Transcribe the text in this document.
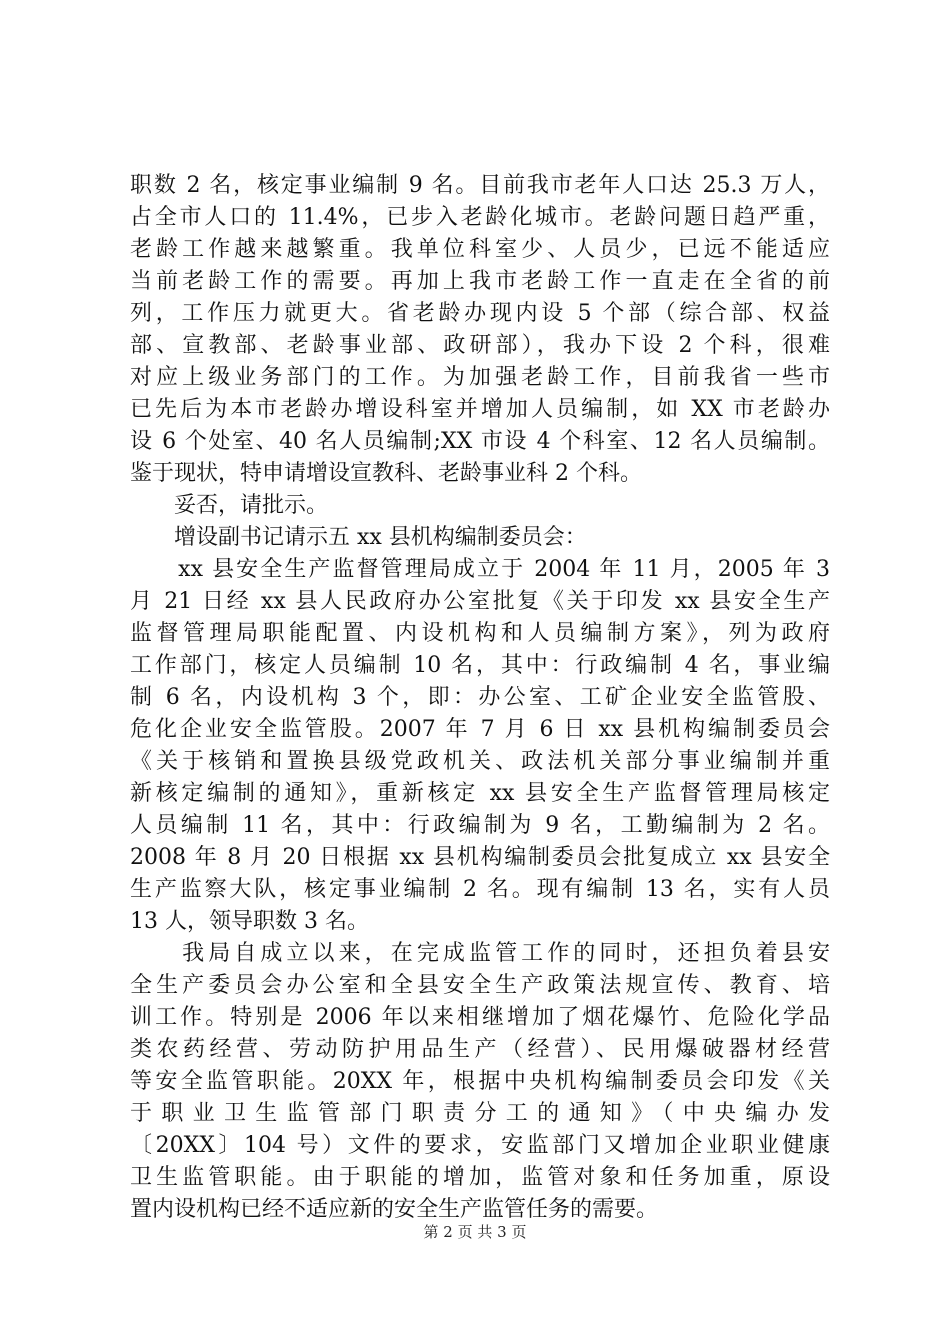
职数 2 名，核定事业编制 9 名。目前我市老年人口达 25.3 万人，
占全市人口的 11.4%，已步入老龄化城市。老龄问题日趋严重，
老龄工作越来越繁重。我单位科室少、人员少，已远不能适应
当前老龄工作的需要。再加上我市老龄工作一直走在全省的前
列，工作压力就更大。省老龄办现内设 5 个部（综合部、权益
部、宣教部、老龄事业部、政研部），我办下设 2 个科，很难
对应上级业务部门的工作。为加强老龄工作，目前我省一些市
已先后为本市老龄办增设科室并增加人员编制，如 XX 市老龄办
设 6 个处室、40 名人员编制;XX 市设 4 个科室、12 名人员编制。
鉴于现状，特申请增设宣教科、老龄事业科 2 个科。
　　妥否，请批示。
　　增设副书记请示五 xx 县机构编制委员会：
　　xx 县安全生产监督管理局成立于 2004 年 11 月，2005 年 3
月 21 日经 xx 县人民政府办公室批复《关于印发 xx 县安全生产
监督管理局职能配置、内设机构和人员编制方案》，列为政府
工作部门，核定人员编制 10 名，其中：行政编制 4 名，事业编
制 6 名，内设机构 3 个，即：办公室、工矿企业安全监管股、
危化企业安全监管股。2007 年 7 月 6 日 xx 县机构编制委员会
《关于核销和置换县级党政机关、政法机关部分事业编制并重
新核定编制的通知》，重新核定 xx 县安全生产监督管理局核定
人员编制 11 名，其中：行政编制为 9 名，工勤编制为 2 名。
2008 年 8 月 20 日根据 xx 县机构编制委员会批复成立 xx 县安全
生产监察大队，核定事业编制 2 名。现有编制 13 名，实有人员
13 人，领导职数 3 名。
　　我局自成立以来，在完成监管工作的同时，还担负着县安
全生产委员会办公室和全县安全生产政策法规宣传、教育、培
训工作。特别是 2006 年以来相继增加了烟花爆竹、危险化学品
类农药经营、劳动防护用品生产（经营）、民用爆破器材经营
等安全监管职能。20XX 年，根据中央机构编制委员会印发《关
于职业卫生监管部门职责分工的通知》（中央编办发
〔20XX〕104 号）文件的要求，安监部门又增加企业职业健康
卫生监管职能。由于职能的增加，监管对象和任务加重，原设
置内设机构已经不适应新的安全生产监管任务的需要。
第 2 页 共 3 页
